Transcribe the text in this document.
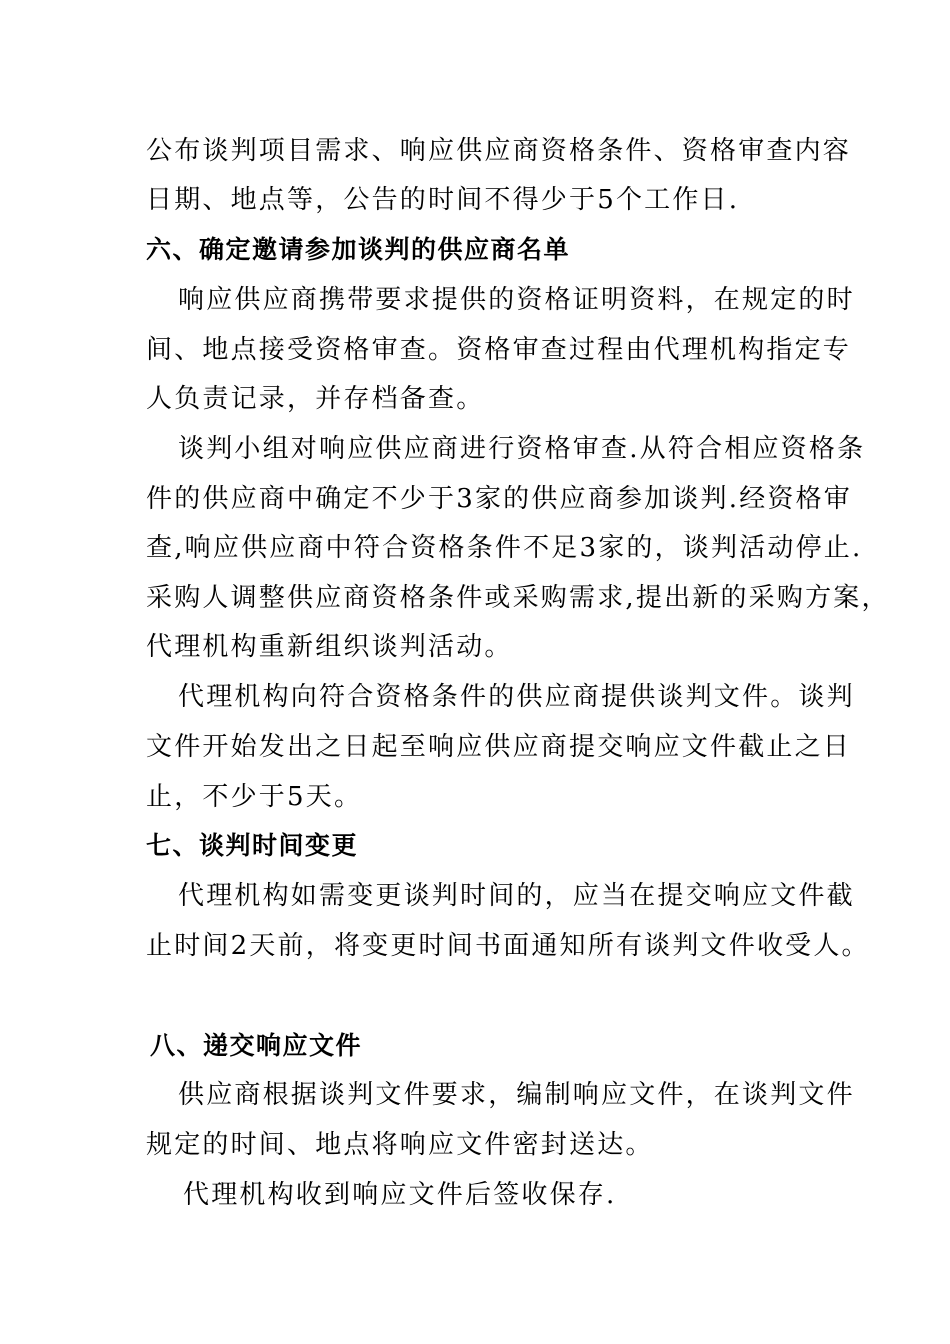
公布谈判项目需求、响应供应商资格条件、资格审查内容
日期、地点等，公告的时间不得少于5个工作日.
六、确定邀请参加谈判的供应商名单
响应供应商携带要求提供的资格证明资料，在规定的时
间、地点接受资格审查。资格审查过程由代理机构指定专
人负责记录，并存档备查。
谈判小组对响应供应商进行资格审查.从符合相应资格条
件的供应商中确定不少于3家的供应商参加谈判.经资格审
查,响应供应商中符合资格条件不足3家的，谈判活动停止.
采购人调整供应商资格条件或采购需求,提出新的采购方案，
代理机构重新组织谈判活动。
代理机构向符合资格条件的供应商提供谈判文件。谈判
文件开始发出之日起至响应供应商提交响应文件截止之日
止，不少于5天。
七、谈判时间变更
代理机构如需变更谈判时间的，应当在提交响应文件截
止时间2天前，将变更时间书面通知所有谈判文件收受人。
八、递交响应文件
供应商根据谈判文件要求，编制响应文件，在谈判文件
规定的时间、地点将响应文件密封送达。
代理机构收到响应文件后签收保存.
